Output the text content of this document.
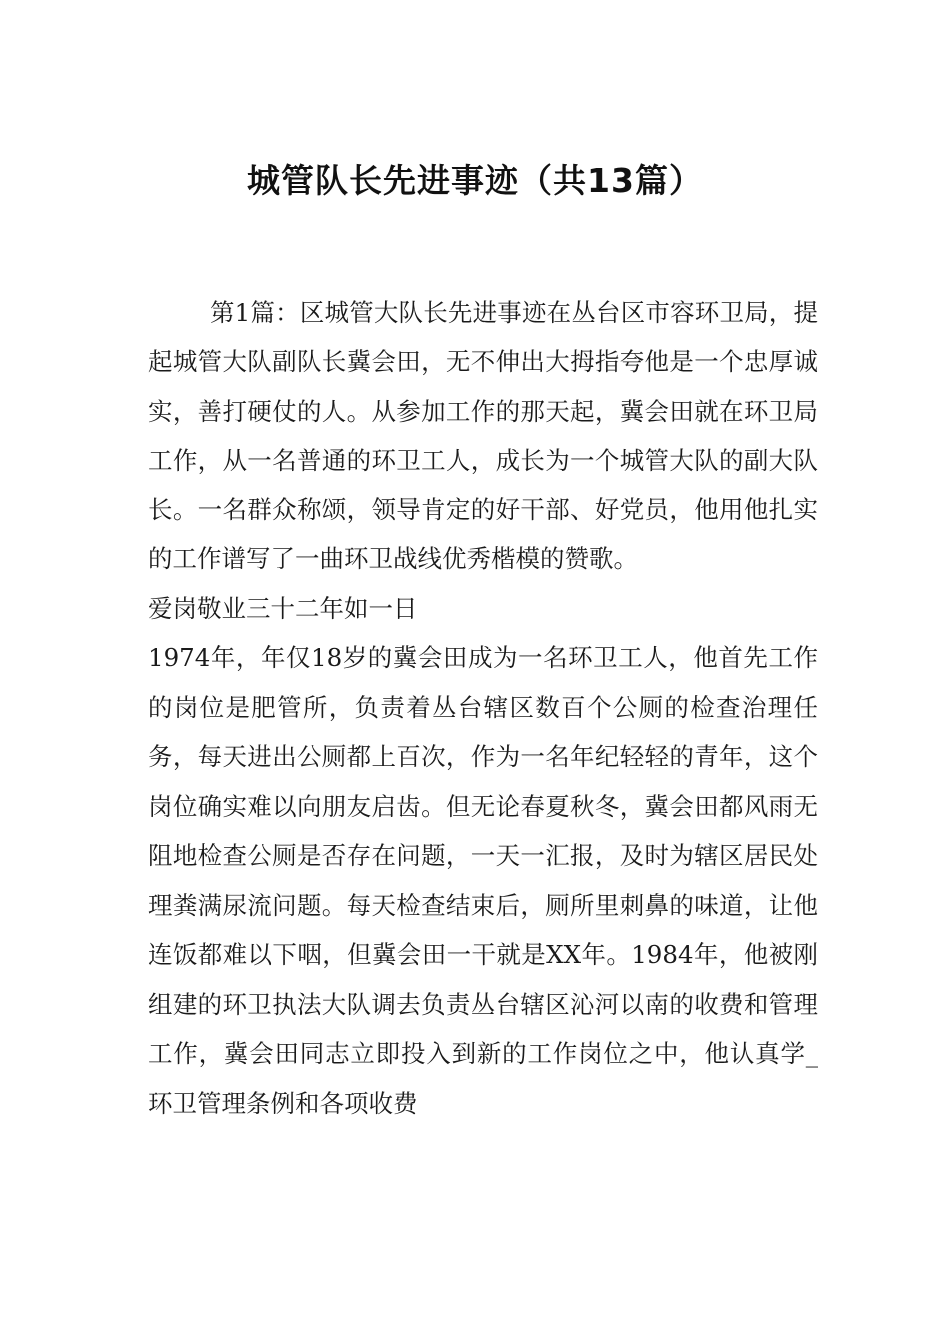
城管队长先进事迹（共13篇）

第1篇：区城管大队长先进事迹在丛台区市容环卫局，提起城管大队副队长冀会田，无不伸出大拇指夸他是一个忠厚诚实，善打硬仗的人。从参加工作的那天起，冀会田就在环卫局工作，从一名普通的环卫工人，成长为一个城管大队的副大队长。一名群众称颂，领导肯定的好干部、好党员，他用他扎实的工作谱写了一曲环卫战线优秀楷模的赞歌。

爱岗敬业三十二年如一日

1974年，年仅18岁的冀会田成为一名环卫工人，他首先工作的岗位是肥管所，负责着丛台辖区数百个公厕的检查治理任务，每天进出公厕都上百次，作为一名年纪轻轻的青年，这个岗位确实难以向朋友启齿。但无论春夏秋冬，冀会田都风雨无阻地检查公厕是否存在问题，一天一汇报，及时为辖区居民处理粪满尿流问题。每天检查结束后，厕所里刺鼻的味道，让他连饭都难以下咽，但冀会田一干就是XX年。1984年，他被刚组建的环卫执法大队调去负责丛台辖区沁河以南的收费和管理工作，冀会田同志立即投入到新的工作岗位之中，他认真学_环卫管理条例和各项收费
